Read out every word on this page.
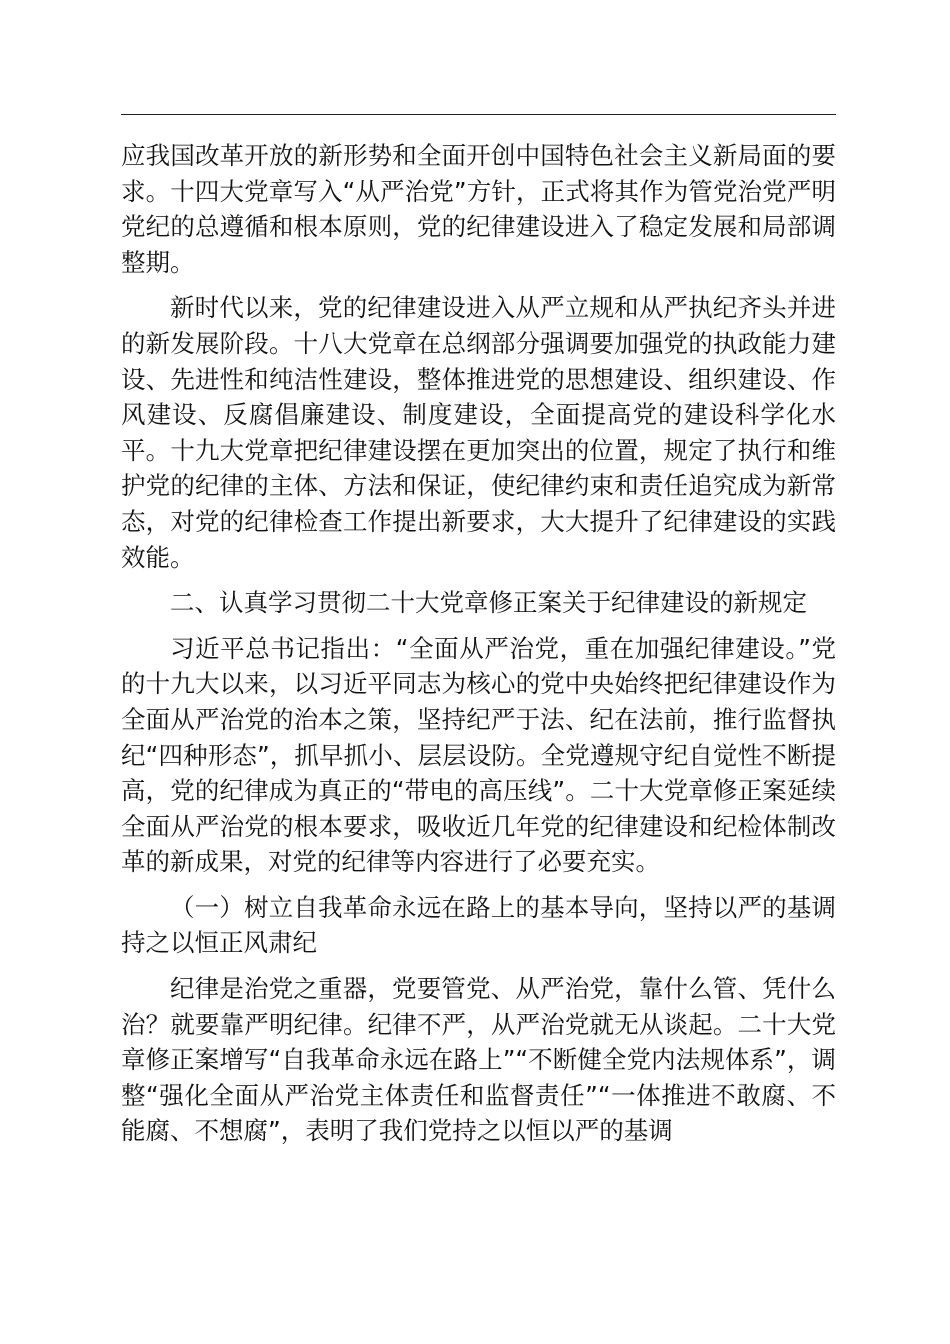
应我国改革开放的新形势和全面开创中国特色社会主义新局面的要求。十四大党章写入“从严治党”方针，正式将其作为管党治党严明党纪的总遵循和根本原则，党的纪律建设进入了稳定发展和局部调整期。

新时代以来，党的纪律建设进入从严立规和从严执纪齐头并进的新发展阶段。十八大党章在总纲部分强调要加强党的执政能力建设、先进性和纯洁性建设，整体推进党的思想建设、组织建设、作风建设、反腐倡廉建设、制度建设，全面提高党的建设科学化水平。十九大党章把纪律建设摆在更加突出的位置，规定了执行和维护党的纪律的主体、方法和保证，使纪律约束和责任追究成为新常态，对党的纪律检查工作提出新要求，大大提升了纪律建设的实践效能。

二、认真学习贯彻二十大党章修正案关于纪律建设的新规定

习近平总书记指出：“全面从严治党，重在加强纪律建设。”党的十九大以来，以习近平同志为核心的党中央始终把纪律建设作为全面从严治党的治本之策，坚持纪严于法、纪在法前，推行监督执纪“四种形态”，抓早抓小、层层设防。全党遵规守纪自觉性不断提高，党的纪律成为真正的“带电的高压线”。二十大党章修正案延续全面从严治党的根本要求，吸收近几年党的纪律建设和纪检体制改革的新成果，对党的纪律等内容进行了必要充实。

（一）树立自我革命永远在路上的基本导向，坚持以严的基调持之以恒正风肃纪

纪律是治党之重器，党要管党、从严治党，靠什么管、凭什么治？就要靠严明纪律。纪律不严，从严治党就无从谈起。二十大党章修正案增写“自我革命永远在路上”“不断健全党内法规体系”，调整“强化全面从严治党主体责任和监督责任”“一体推进不敢腐、不能腐、不想腐”，表明了我们党持之以恒以严的基调
